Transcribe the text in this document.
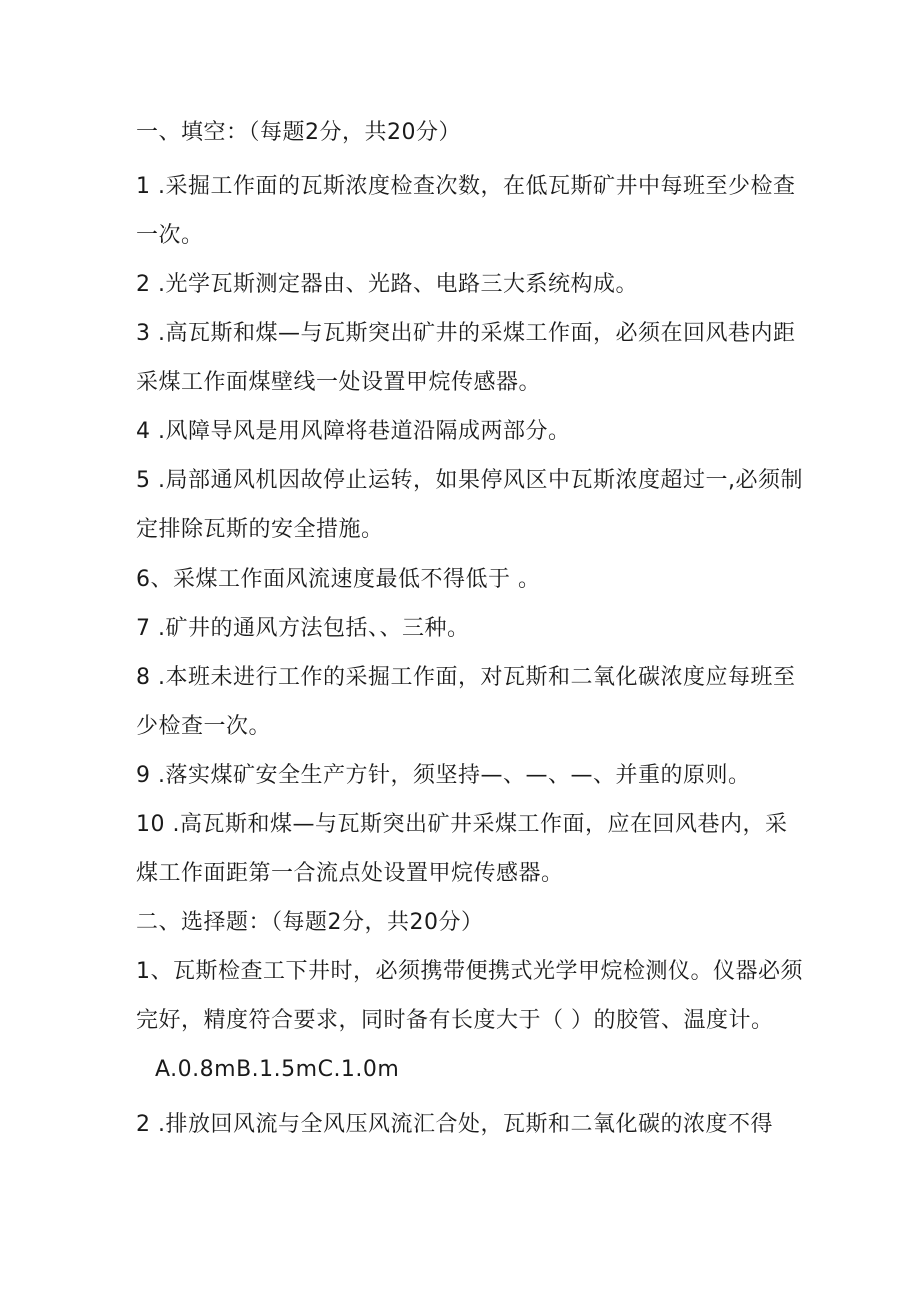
一、填空：（每题2分，共20分）
1 .采掘工作面的瓦斯浓度检查次数，在低瓦斯矿井中每班至少检查
一次。
2 .光学瓦斯测定器由、光路、电路三大系统构成。
3 .高瓦斯和煤—与瓦斯突出矿井的采煤工作面，必须在回风巷内距
采煤工作面煤壁线一处设置甲烷传感器。
4 .风障导风是用风障将巷道沿隔成两部分。
5 .局部通风机因故停止运转，如果停风区中瓦斯浓度超过一,必须制
定排除瓦斯的安全措施。
6、采煤工作面风流速度最低不得低于 。
7 .矿井的通风方法包括、、三种。
8 .本班未进行工作的采掘工作面，对瓦斯和二氧化碳浓度应每班至
少检查一次。
9 .落实煤矿安全生产方针，须坚持—、—、—、并重的原则。
10 .高瓦斯和煤—与瓦斯突出矿井采煤工作面，应在回风巷内，采
煤工作面距第一合流点处设置甲烷传感器。
二、选择题：（每题2分，共20分）
1、瓦斯检查工下井时，必须携带便携式光学甲烷检测仪。仪器必须
完好，精度符合要求，同时备有长度大于（ ）的胶管、温度计。
A.0.8mB.1.5mC.1.0m
2 .排放回风流与全风压风流汇合处，瓦斯和二氧化碳的浓度不得
